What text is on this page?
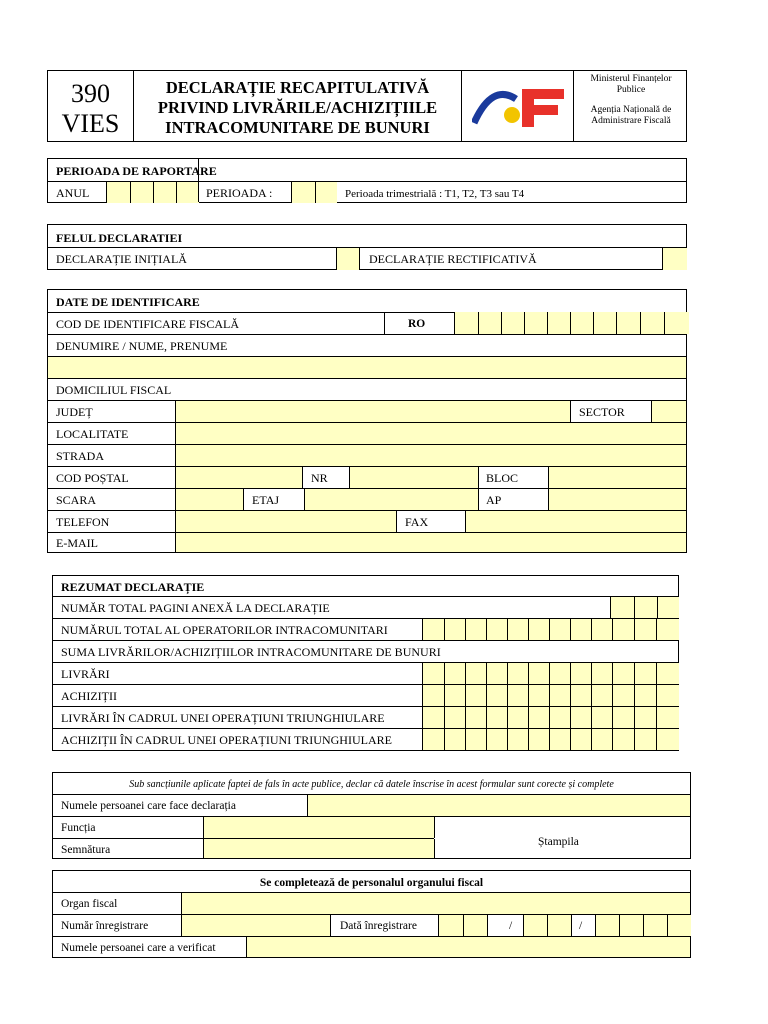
390
VIES
DECLARAȚIE RECAPITULATIVĂ
PRIVIND LIVRĂRILE/ACHIZIȚIILE
INTRACOMUNITARE DE BUNURI
Ministerul Finanțelor
Publice
Agenția Națională de
Administrare Fiscală
PERIOADA DE RAPORTARE
ANUL	PERIOADA :	Perioada trimestrială : T1, T2, T3 sau T4
FELUL DECLARATIEI
DECLARAȚIE INIȚIALĂ	DECLARAȚIE RECTIFICATIVĂ
DATE DE IDENTIFICARE
COD DE IDENTIFICARE FISCALĂ	RO
DENUMIRE / NUME, PRENUME
DOMICILIUL FISCAL
JUDEȚ	SECTOR
LOCALITATE
STRADA
COD POȘTAL	NR	BLOC
SCARA	ETAJ	AP
TELEFON	FAX
E-MAIL
REZUMAT DECLARAȚIE
NUMĂR TOTAL PAGINI ANEXĂ LA DECLARAȚIE
NUMĂRUL TOTAL AL OPERATORILOR INTRACOMUNITARI
SUMA LIVRĂRILOR/ACHIZIȚIILOR INTRACOMUNITARE DE BUNURI
LIVRĂRI
ACHIZIȚII
LIVRĂRI ÎN CADRUL UNEI OPERAȚIUNI TRIUNGHIULARE
ACHIZIȚII ÎN CADRUL UNEI OPERAȚIUNI TRIUNGHIULARE
Sub sancțiunile aplicate faptei de fals în acte publice, declar că datele înscrise în acest formular sunt corecte și complete
Numele persoanei care face declarația
Funcția
Semnătura
Ștampila
Se completează de personalul organului fiscal
Organ fiscal
Număr înregistrare	Dată înregistrare	/	/
Numele persoanei care a verificat
